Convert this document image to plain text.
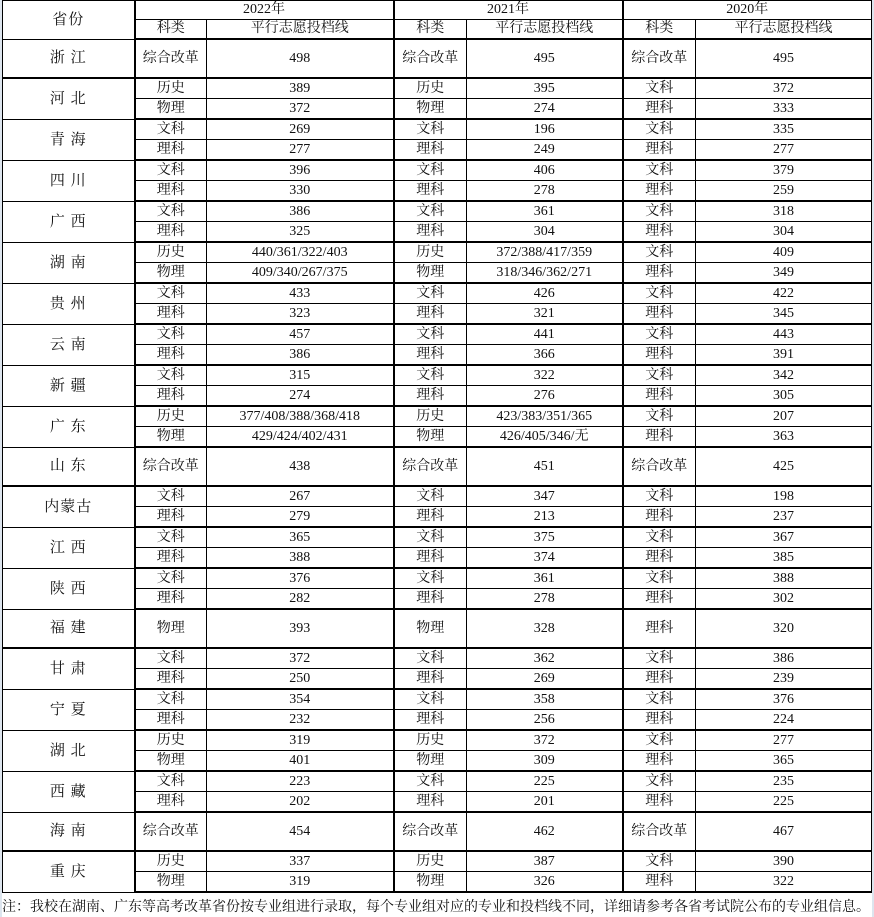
省份	2022年		2021年		2020年	
	科类	平行志愿投档线	科类	平行志愿投档线	科类	平行志愿投档线
浙 江	综合改革	498	综合改革	495	综合改革	495
河 北	历史	389	历史	395	文科	372
	物理	372	物理	274	理科	333
青 海	文科	269	文科	196	文科	335
	理科	277	理科	249	理科	277
四 川	文科	396	文科	406	文科	379
	理科	330	理科	278	理科	259
广 西	文科	386	文科	361	文科	318
	理科	325	理科	304	理科	304
湖 南	历史	440/361/322/403	历史	372/388/417/359	文科	409
	物理	409/340/267/375	物理	318/346/362/271	理科	349
贵 州	文科	433	文科	426	文科	422
	理科	323	理科	321	理科	345
云 南	文科	457	文科	441	文科	443
	理科	386	理科	366	理科	391
新 疆	文科	315	文科	322	文科	342
	理科	274	理科	276	理科	305
广 东	历史	377/408/388/368/418	历史	423/383/351/365	文科	207
	物理	429/424/402/431	物理	426/405/346/无	理科	363
山 东	综合改革	438	综合改革	451	综合改革	425
内蒙古	文科	267	文科	347	文科	198
	理科	279	理科	213	理科	237
江 西	文科	365	文科	375	文科	367
	理科	388	理科	374	理科	385
陕 西	文科	376	文科	361	文科	388
	理科	282	理科	278	理科	302
福 建	物理	393	物理	328	理科	320
甘 肃	文科	372	文科	362	文科	386
	理科	250	理科	269	理科	239
宁 夏	文科	354	文科	358	文科	376
	理科	232	理科	256	理科	224
湖 北	历史	319	历史	372	文科	277
	物理	401	物理	309	理科	365
西 藏	文科	223	文科	225	文科	235
	理科	202	理科	201	理科	225
海 南	综合改革	454	综合改革	462	综合改革	467
重 庆	历史	337	历史	387	文科	390
	物理	319	物理	326	理科	322
注：我校在湖南、广东等高考改革省份按专业组进行录取，每个专业组对应的专业和投档线不同，详细请参考各省考试院公布的专业组信息。
